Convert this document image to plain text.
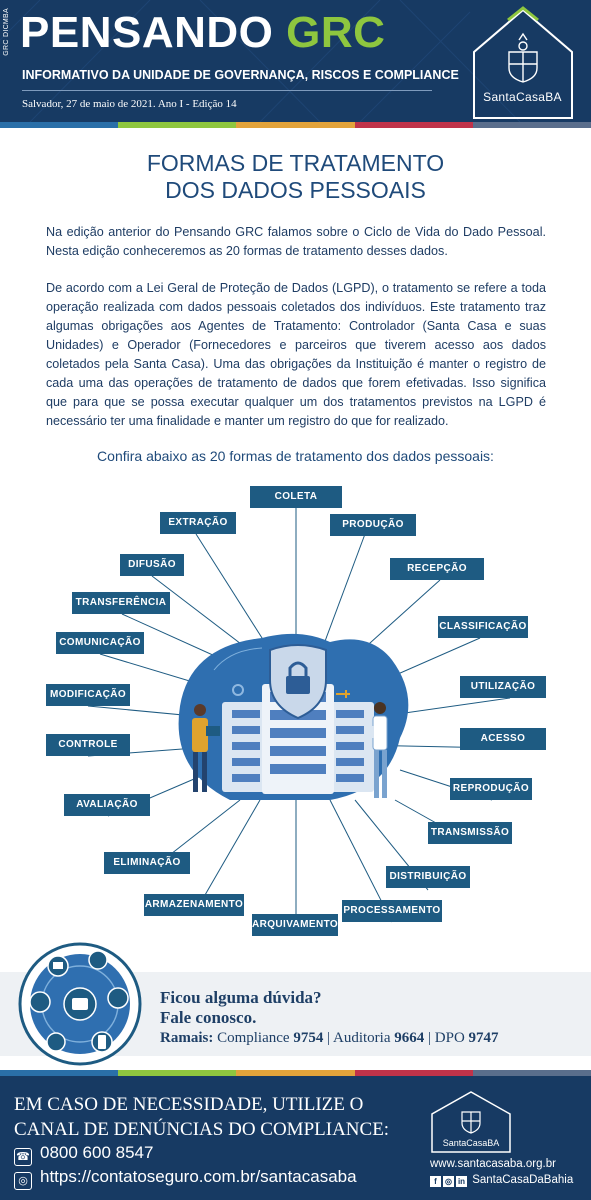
GRC DICMBA PENSANDO GRC
INFORMATIVO DA UNIDADE DE GOVERNANÇA, RISCOS E COMPLIANCE
Salvador, 27 de maio de 2021. Ano I - Edição 14	SantaCasaBA
FORMAS DE TRATAMENTO
DOS DADOS PESSOAIS
Na edição anterior do Pensando GRC falamos sobre o Ciclo de Vida do Dado Pessoal. Nesta edição conheceremos as 20 formas de tratamento desses dados.
De acordo com a Lei Geral de Proteção de Dados (LGPD), o tratamento se refere a toda operação realizada com dados pessoais coletados dos indivíduos. Este tratamento traz algumas obrigações aos Agentes de Tratamento: Controlador (Santa Casa e suas Unidades) e Operador (Fornecedores e parceiros que tiverem acesso aos dados coletados pela Santa Casa). Uma das obrigações da Instituição é manter o registro de cada uma das operações de tratamento de dados que forem efetivadas. Isso significa que para que se possa executar qualquer um dos tratamentos previstos na LGPD é necessário ter uma finalidade e manter um registro do que for realizado.
Confira abaixo as 20 formas de tratamento dos dados pessoais:
COLETA
PRODUÇÃO
RECEPÇÃO
CLASSIFICAÇÃO
UTILIZAÇÃO
ACESSO
REPRODUÇÃO
TRANSMISSÃO
DISTRIBUIÇÃO
PROCESSAMENTO
ARQUIVAMENTO
ARMAZENAMENTO
ELIMINAÇÃO
AVALIAÇÃO
CONTROLE
MODIFICAÇÃO
COMUNICAÇÃO
TRANSFERÊNCIA
DIFUSÃO
EXTRAÇÃO
Ficou alguma dúvida?
Fale conosco.
Ramais: Compliance 9754 | Auditoria 9664 | DPO 9747
EM CASO DE NECESSIDADE, UTILIZE O
CANAL DE DENÚNCIAS DO COMPLIANCE:
☎ 0800 600 8547
◎ https://contatoseguro.com.br/santacasaba
SantaCasaBA
www.santacasaba.org.br
f ◎ in SantaCasaDaBahia
